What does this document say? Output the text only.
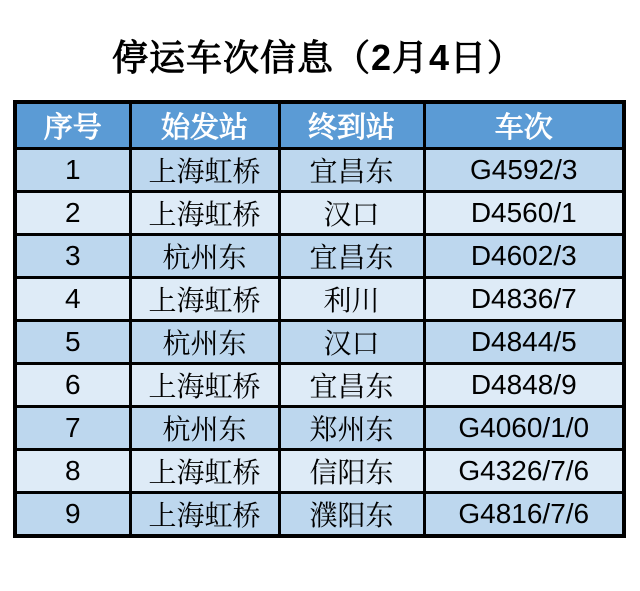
停运车次信息（2月4日）
序号	始发站	终到站	车次
1	上海虹桥	宜昌东	G4592/3
2	上海虹桥	汉口	D4560/1
3	杭州东	宜昌东	D4602/3
4	上海虹桥	利川	D4836/7
5	杭州东	汉口	D4844/5
6	上海虹桥	宜昌东	D4848/9
7	杭州东	郑州东	G4060/1/0
8	上海虹桥	信阳东	G4326/7/6
9	上海虹桥	濮阳东	G4816/7/6
